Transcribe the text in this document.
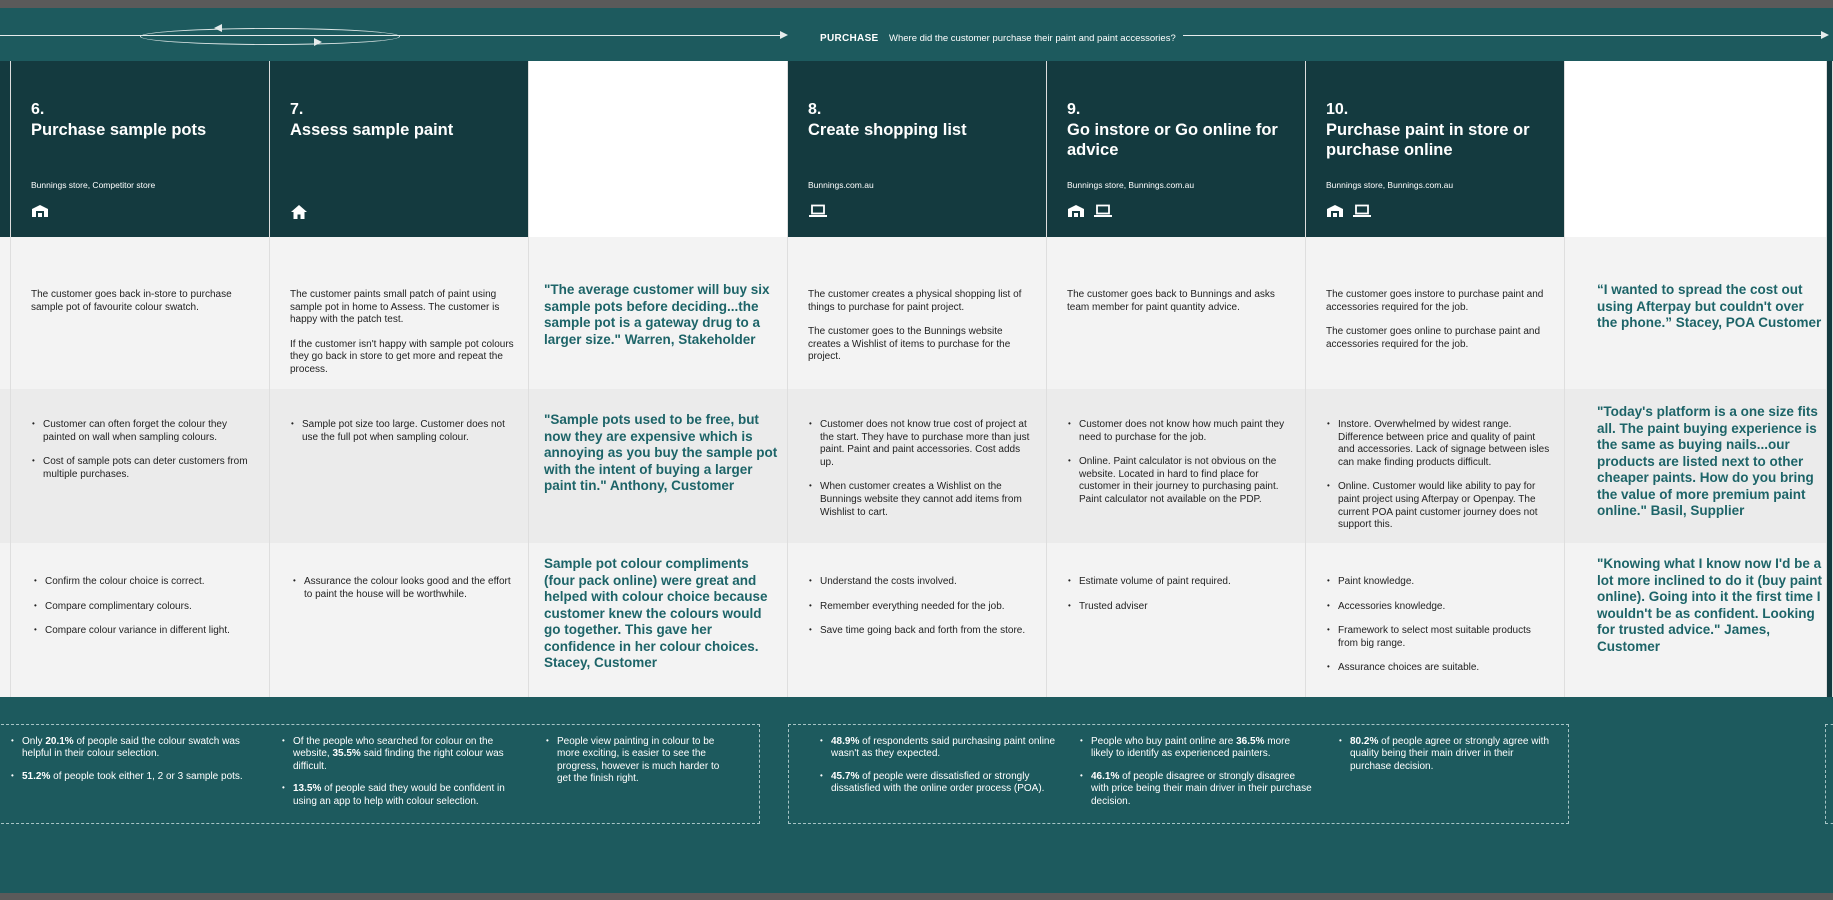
PURCHASE Where did the customer purchase their paint and paint accessories?
6.
Purchase sample pots
Bunnings store, Competitor store

The customer goes back in-store to purchase sample pot of favourite colour swatch.

• Customer can often forget the colour they painted on wall when sampling colours.
• Cost of sample pots can deter customers from multiple purchases.
• Confirm the colour choice is correct.
• Compare complimentary colours.
• Compare colour variance in different light.
7.
Assess sample paint

The customer paints small patch of paint using sample pot in home to Assess. The customer is happy with the patch test.

If the customer isn't happy with sample pot colours they go back in store to get more and repeat the process.

• Sample pot size too large. Customer does not use the full pot when sampling colour.
• Assurance the colour looks good and the effort to paint the house will be worthwhile.
"The average customer will buy six sample pots before deciding...the sample pot is a gateway drug to a larger size." Warren, Stakeholder
"Sample pots used to be free, but now they are expensive which is annoying as you buy the sample pot with the intent of buying a larger paint tin." Anthony, Customer
Sample pot colour compliments (four pack online) were great and helped with colour choice because customer knew the colours would go together. This gave her confidence in her colour choices. Stacey, Customer
8.
Create shopping list
Bunnings.com.au

The customer creates a physical shopping list of things to purchase for paint project.

The customer goes to the Bunnings website creates a Wishlist of items to purchase for the project.

• Customer does not know true cost of project at the start. They have to purchase more than just paint. Paint and paint accessories. Cost adds up.
• When customer creates a Wishlist on the Bunnings website they cannot add items from Wishlist to cart.
• Understand the costs involved.
• Remember everything needed for the job.
• Save time going back and forth from the store.
9.
Go instore or Go online for advice
Bunnings store, Bunnings.com.au

The customer goes back to Bunnings and asks team member for paint quantity advice.

• Customer does not know how much paint they need to purchase for the job.
• Online. Paint calculator is not obvious on the website. Located in hard to find place for customer in their journey to purchasing paint. Paint calculator not available on the PDP.
• Estimate volume of paint required.
• Trusted adviser
10.
Purchase paint in store or purchase online
Bunnings store, Bunnings.com.au

The customer goes instore to purchase paint and accessories required for the job.

The customer goes online to purchase paint and accessories required for the job.

• Instore. Overwhelmed by widest range. Difference between price and quality of paint and accessories. Lack of signage between isles can make finding products difficult.
• Online. Customer would like ability to pay for paint project using Afterpay or Openpay. The current POA paint customer journey does not support this.
• Paint knowledge.
• Accessories knowledge.
• Framework to select most suitable products from big range.
• Assurance choices are suitable.
“I wanted to spread the cost out using Afterpay but couldn't over the phone.” Stacey, POA Customer
"Today's platform is a one size fits all. The paint buying experience is the same as buying nails...our products are listed next to other cheaper paints. How do you bring the value of more premium paint online." Basil, Supplier
"Knowing what I know now I'd be a lot more inclined to do it (buy paint online). Going into it the first time I wouldn't be as confident. Looking for trusted advice." James, Customer
• Only 20.1% of people said the colour swatch was helpful in their colour selection.
• 51.2% of people took either 1, 2 or 3 sample pots.
• Of the people who searched for colour on the website, 35.5% said finding the right colour was difficult.
• 13.5% of people said they would be confident in using an app to help with colour selection.
• People view painting in colour to be more exciting, is easier to see the progress, however is much harder to get the finish right.
• 48.9% of respondents said purchasing paint online wasn't as they expected.
• 45.7% of people were dissatisfied or strongly dissatisfied with the online order process (POA).
• People who buy paint online are 36.5% more likely to identify as experienced painters.
• 46.1% of people disagree or strongly disagree with price being their main driver in their purchase decision.
• 80.2% of people agree or strongly agree with quality being their main driver in their purchase decision.
